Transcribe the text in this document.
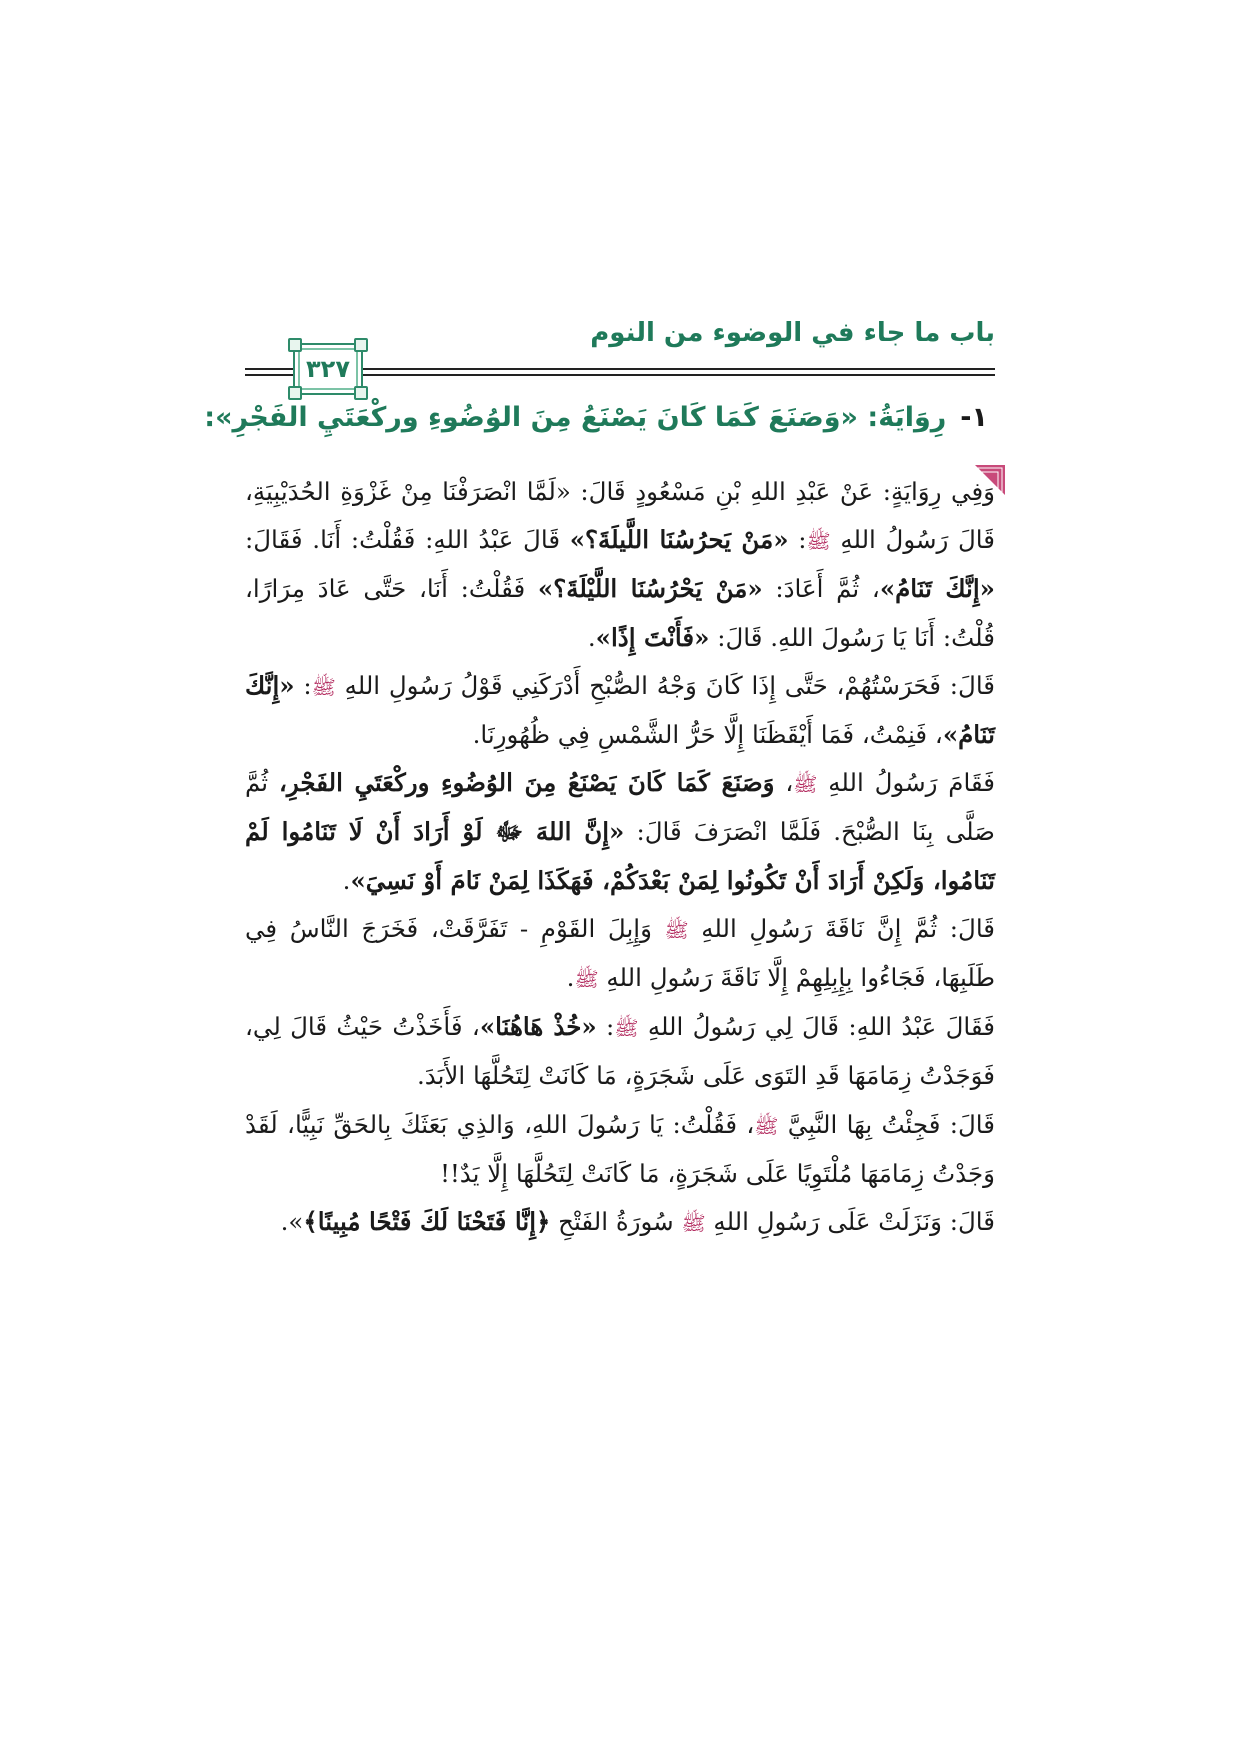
باب ما جاء في الوضوء من النوم
٣٢٧
١-رِوَايَةُ: «وَصَنَعَ كَمَا كَانَ يَصْنَعُ مِنَ الوُضُوءِ وركْعَتَيِ الفَجْرِ»:

وَفِي رِوَايَةٍ: عَنْ عَبْدِ اللهِ بْنِ مَسْعُودٍ قَالَ: «لَمَّا انْصَرَفْنَا مِنْ غَزْوَةِ الحُدَيْبِيَةِ، قَالَ رَسُولُ اللهِ ﷺ: «مَنْ يَحرُسُنَا اللَّيلَةَ؟» قَالَ عَبْدُ اللهِ: فَقُلْتُ: أَنَا. فَقَالَ: «إِنَّكَ تَنَامُ»، ثُمَّ أَعَادَ: «مَنْ يَحْرُسُنَا اللَّيْلَةَ؟» فَقُلْتُ: أَنَا، حَتَّى عَادَ مِرَارًا، قُلْتُ: أَنَا يَا رَسُولَ اللهِ. قَالَ: «فَأَنْتَ إِذًا».

قَالَ: فَحَرَسْتُهُمْ، حَتَّى إِذَا كَانَ وَجْهُ الصُّبْحِ أَدْرَكَنِي قَوْلُ رَسُولِ اللهِ ﷺ: «إِنَّكَ تَنَامُ»، فَنِمْتُ، فَمَا أَيْقَظَنَا إِلَّا حَرُّ الشَّمْسِ فِي ظُهُورِنَا.

فَقَامَ رَسُولُ اللهِ ﷺ، وَصَنَعَ كَمَا كَانَ يَصْنَعُ مِنَ الوُضُوءِ وركْعَتَيِ الفَجْرِ، ثُمَّ صَلَّى بِنَا الصُّبْحَ. فَلَمَّا انْصَرَفَ قَالَ: «إِنَّ اللهَ ﷻ لَوْ أَرَادَ أَنْ لَا تَنَامُوا لَمْ تَنَامُوا، وَلَكِنْ أَرَادَ أَنْ تَكُونُوا لِمَنْ بَعْدَكُمْ، فَهَكَذَا لِمَنْ نَامَ أَوْ نَسِيَ».

قَالَ: ثُمَّ إِنَّ نَاقَةَ رَسُولِ اللهِ ﷺ وَإِبِلَ القَوْمِ - تَفَرَّقَتْ، فَخَرَجَ النَّاسُ فِي طَلَبِهَا، فَجَاءُوا بِإِبِلِهِمْ إِلَّا نَاقَةَ رَسُولِ اللهِ ﷺ.

فَقَالَ عَبْدُ اللهِ: قَالَ لِي رَسُولُ اللهِ ﷺ: «خُذْ هَاهُنَا»، فَأَخَذْتُ حَيْثُ قَالَ لِي، فَوَجَدْتُ زِمَامَهَا قَدِ التَوَى عَلَى شَجَرَةٍ، مَا كَانَتْ لِتَحُلَّهَا الأَبَدَ.

قَالَ: فَجِئْتُ بِهَا النَّبِيَّ ﷺ، فَقُلْتُ: يَا رَسُولَ اللهِ، وَالذِي بَعَثَكَ بِالحَقِّ نَبِيًّا، لَقَدْ وَجَدْتُ زِمَامَهَا مُلْتَوِيًا عَلَى شَجَرَةٍ، مَا كَانَتْ لِتَحُلَّهَا إِلَّا يَدٌ!!

قَالَ: وَنَزَلَتْ عَلَى رَسُولِ اللهِ ﷺ سُورَةُ الفَتْحِ ﴿إِنَّا فَتَحْنَا لَكَ فَتْحًا مُبِينًا﴾».
